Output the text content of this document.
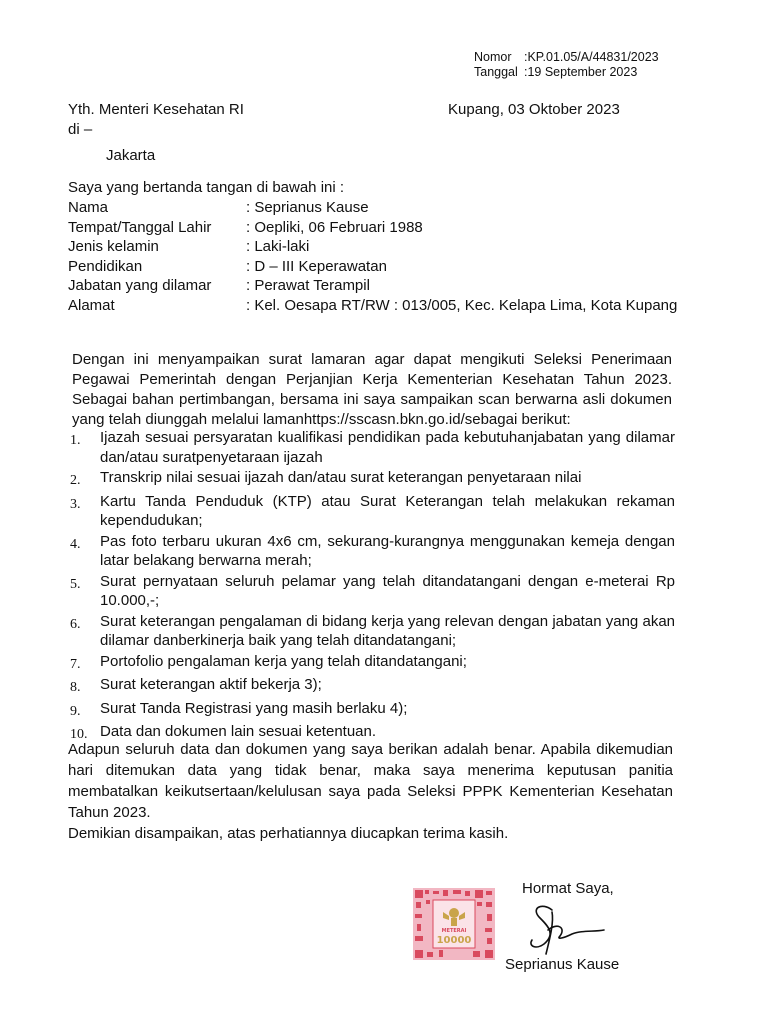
Nomor :KP.01.05/A/44831/2023
Tanggal :19 September 2023
Yth. Menteri Kesehatan RI
di –
Jakarta
Kupang, 03 Oktober 2023
Saya yang bertanda tangan di bawah ini :
Nama	: Seprianus Kause
Tempat/Tanggal Lahir	: Oepliki, 06 Februari 1988
Jenis kelamin	: Laki-laki
Pendidikan	: D – III Keperawatan
Jabatan yang dilamar	: Perawat Terampil
Alamat	: Kel. Oesapa RT/RW : 013/005, Kec. Kelapa Lima, Kota Kupang
Dengan ini menyampaikan surat lamaran agar dapat mengikuti Seleksi Penerimaan Pegawai Pemerintah dengan Perjanjian Kerja Kementerian Kesehatan Tahun 2023. Sebagai bahan pertimbangan, bersama ini saya sampaikan scan berwarna asli dokumen yang telah diunggah melalui lamanhttps://sscasn.bkn.go.id/sebagai berikut:
1.	Ijazah sesuai persyaratan kualifikasi pendidikan pada kebutuhanjabatan yang dilamar dan/atau suratpenyetaraan ijazah
2.	Transkrip nilai sesuai ijazah dan/atau surat keterangan penyetaraan nilai
3.	Kartu Tanda Penduduk (KTP) atau Surat Keterangan telah melakukan rekaman kependudukan;
4.	Pas foto terbaru ukuran 4x6 cm, sekurang-kurangnya menggunakan kemeja dengan latar belakang berwarna merah;
5.	Surat pernyataan seluruh pelamar yang telah ditandatangani dengan e-meterai Rp 10.000,-;
6.	Surat keterangan pengalaman di bidang kerja yang relevan dengan jabatan yang akan dilamar danberkinerja baik yang telah ditandatangani;
7.	Portofolio pengalaman kerja yang telah ditandatangani;
8.	Surat keterangan aktif bekerja 3);
9.	Surat Tanda Registrasi yang masih berlaku 4);
10. Data dan dokumen lain sesuai ketentuan.
Adapun seluruh data dan dokumen yang saya berikan adalah benar. Apabila dikemudian hari ditemukan data yang tidak benar, maka saya menerima keputusan panitia membatalkan keikutsertaan/kelulusan saya pada Seleksi PPPK Kementerian Kesehatan Tahun 2023.
Demikian disampaikan, atas perhatiannya diucapkan terima kasih.
METERAI
10000
Hormat Saya,
Seprianus Kause
